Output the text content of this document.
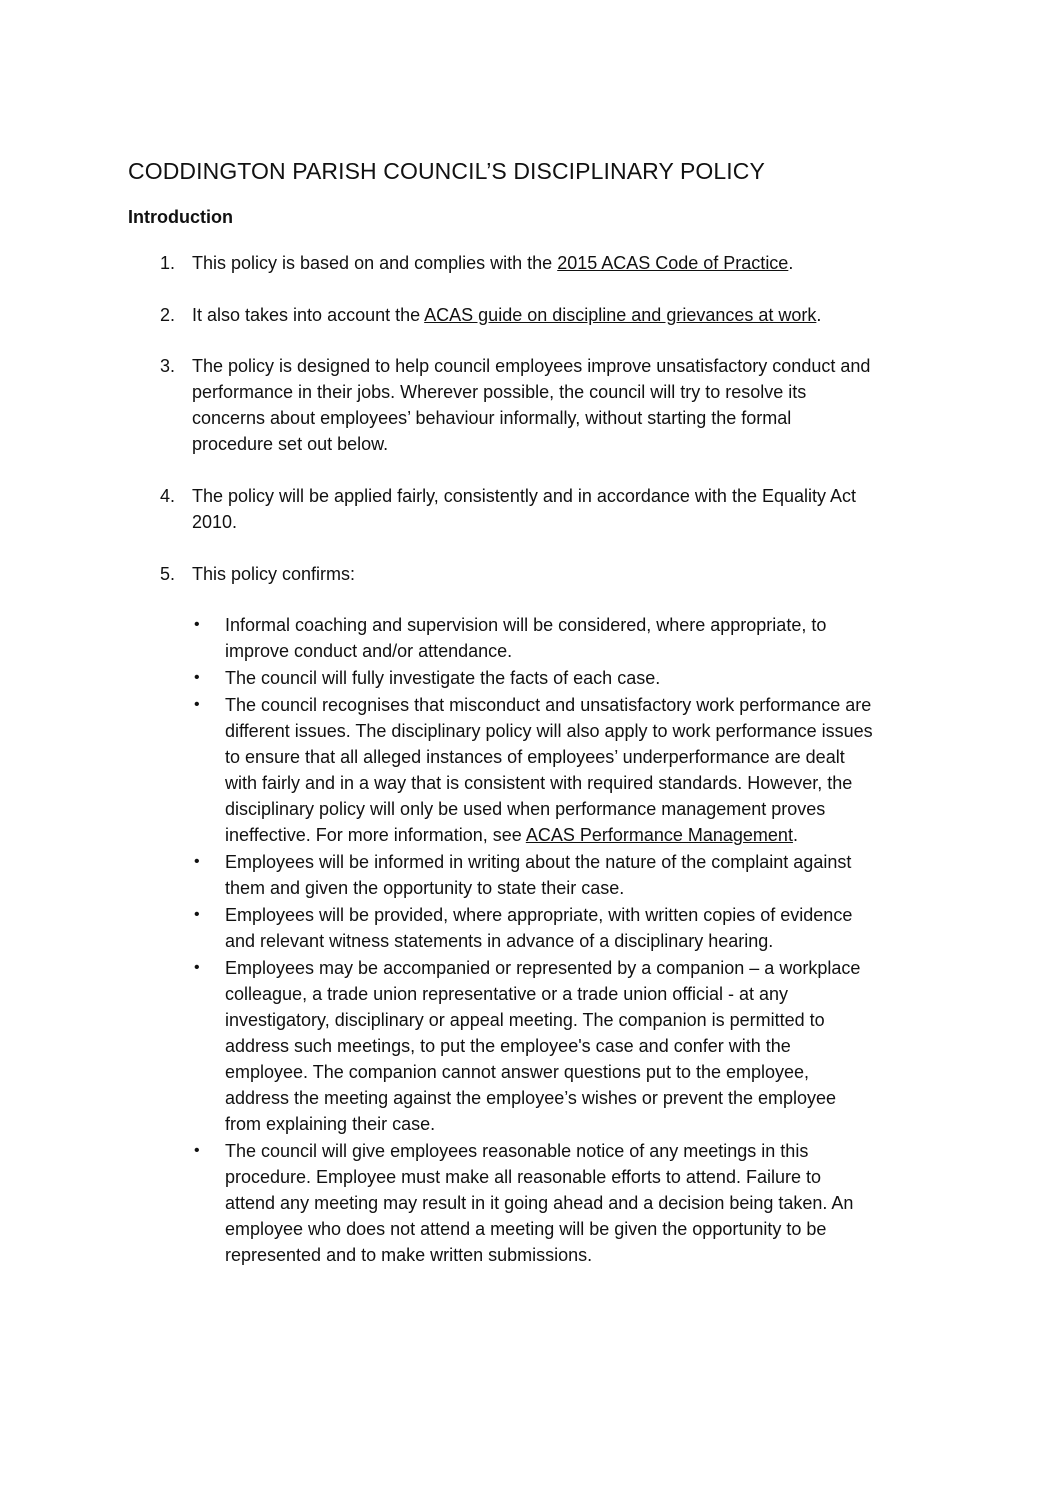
CODDINGTON PARISH COUNCIL’S DISCIPLINARY POLICY
Introduction
1. This policy is based on and complies with the 2015 ACAS Code of Practice.
2. It also takes into account the ACAS guide on discipline and grievances at work.
3. The policy is designed to help council employees improve unsatisfactory conduct and
performance in their jobs. Wherever possible, the council will try to resolve its
concerns about employees’ behaviour informally, without starting the formal
procedure set out below.
4. The policy will be applied fairly, consistently and in accordance with the Equality Act
2010.
5. This policy confirms:
• Informal coaching and supervision will be considered, where appropriate, to
improve conduct and/or attendance.
• The council will fully investigate the facts of each case.
• The council recognises that misconduct and unsatisfactory work performance are
different issues. The disciplinary policy will also apply to work performance issues
to ensure that all alleged instances of employees’ underperformance are dealt
with fairly and in a way that is consistent with required standards. However, the
disciplinary policy will only be used when performance management proves
ineffective. For more information, see ACAS Performance Management.
• Employees will be informed in writing about the nature of the complaint against
them and given the opportunity to state their case.
• Employees will be provided, where appropriate, with written copies of evidence
and relevant witness statements in advance of a disciplinary hearing.
• Employees may be accompanied or represented by a companion – a workplace
colleague, a trade union representative or a trade union official - at any
investigatory, disciplinary or appeal meeting. The companion is permitted to
address such meetings, to put the employee's case and confer with the
employee. The companion cannot answer questions put to the employee,
address the meeting against the employee’s wishes or prevent the employee
from explaining their case.
• The council will give employees reasonable notice of any meetings in this
procedure. Employee must make all reasonable efforts to attend. Failure to
attend any meeting may result in it going ahead and a decision being taken. An
employee who does not attend a meeting will be given the opportunity to be
represented and to make written submissions.
